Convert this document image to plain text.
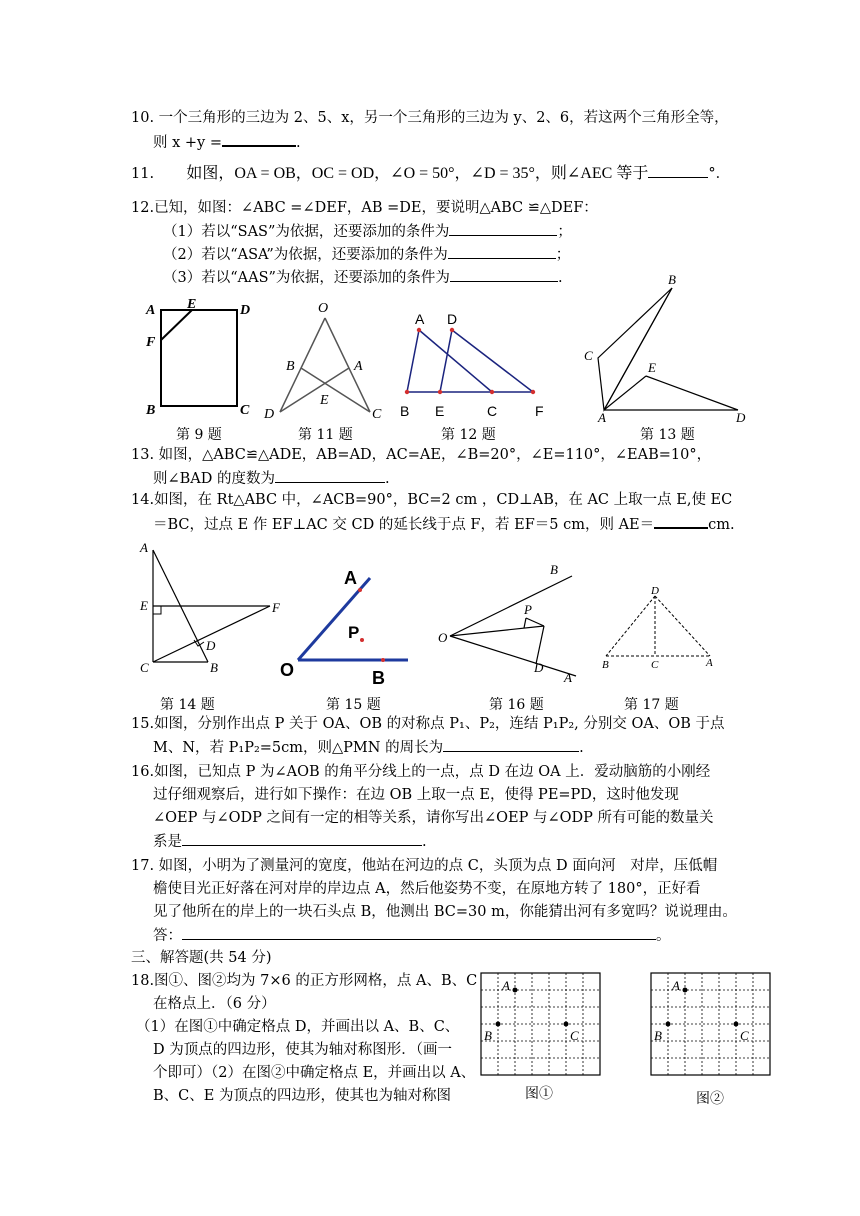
10. 一个三角形的三边为 2、5、x，另一个三角形的三边为 y、2、6，若这两个三角形全等，
则 x +y =	.
11. 如图，OA = OB，OC = OD，∠O = 50°，∠D = 35°，则∠AEC 等于	°．
12.已知，如图：∠ABC =∠DEF，AB =DE，要说明△ABC ≌△DEF：
（1）若以“SAS”为依据，还要添加的条件为	；
（2）若以“ASA”为依据，还要添加的条件为	；
（3）若以“AAS”为依据，还要添加的条件为	.
A E	D
F
B	C
O
B	A
E
D	C
A D
B E	C	F
B
C
E
A	D
第 9 题	第 11 题	第 12 题	第 13 题
13. 如图，△ABC≌△ADE，AB=AD，AC=AE，∠B=20°，∠E=110°，∠EAB=10°，
则∠BAD 的度数为	.
14.如图，在 Rt△ABC 中，∠ACB=90°，BC=2 cm ，CD⊥AB，在 AC 上取一点 E,使 EC
＝BC，过点 E 作 EF⊥AC 交 CD 的延长线于点 F，若 EF＝5 cm，则 AE＝	cm.
A
E	F
D
C	B
A
P
O	B
B
P
O
D
A
D
B	C	A
第 14 题	第 15 题	第 16 题	第 17 题
15.如图，分别作出点 P 关于 OA、OB 的对称点 P₁、P₂，连结 P₁P₂, 分别交 OA、OB 于点
M、N，若 P₁P₂=5cm，则△PMN 的周长为	.
16.如图，已知点 P 为∠AOB 的角平分线上的一点，点 D 在边 OA 上．爱动脑筋的小刚经
过仔细观察后，进行如下操作：在边 OB 上取一点 E，使得 PE=PD，这时他发现
∠OEP 与∠ODP 之间有一定的相等关系，请你写出∠OEP 与∠ODP 所有可能的数量关
系是	.
17. 如图，小明为了测量河的宽度，他站在河边的点 C，头顶为点 D 面向河　对岸，压低帽
檐使目光正好落在河对岸的岸边点 A，然后他姿势不变，在原地方转了 180°，正好看
见了他所在的岸上的一块石头点 B，他测出 BC=30 m，你能猜出河有多宽吗？说说理由。
答：	。
三、解答题(共 54 分)
18.图①、图②均为 7×6 的正方形网格，点 A、B、C
在格点上．（6 分）
（1）在图①中确定格点 D，并画出以 A、B、C、
D 为顶点的四边形，使其为轴对称图形．（画一
个即可）（2）在图②中确定格点 E，并画出以 A、
B、C、E 为顶点的四边形，使其也为轴对称图
A
B	C
图①
A
B	C
图②
